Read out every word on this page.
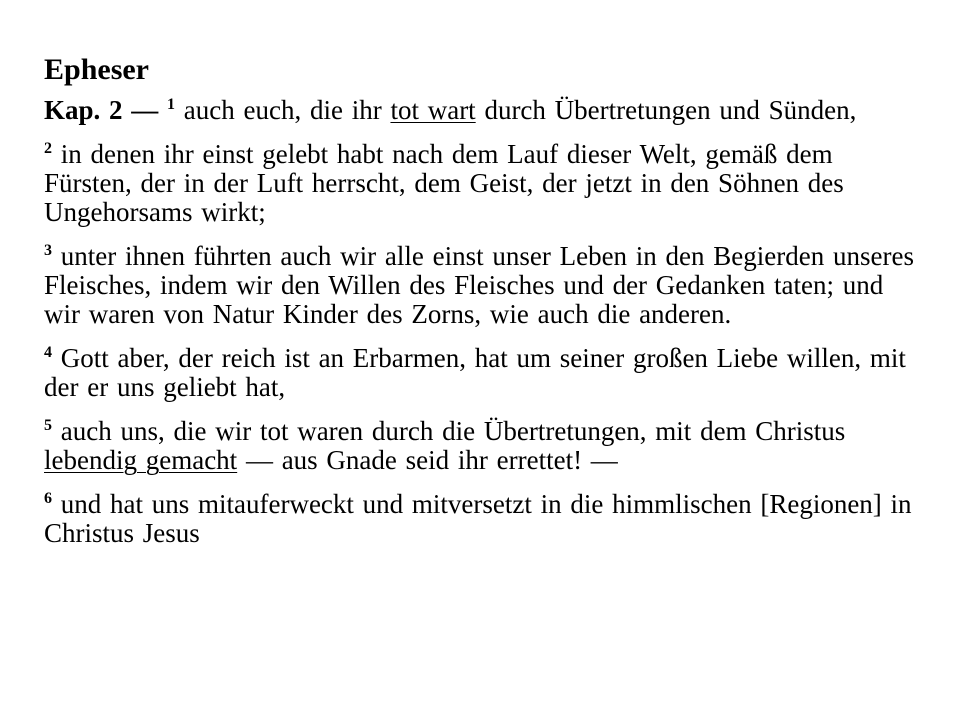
Epheser

Kap. 2 — $^1$ auch euch, die ihr tot wart durch Übertretungen und Sünden,

$^2$ in denen ihr einst gelebt habt nach dem Lauf dieser Welt, gemäß dem Fürsten, der in der Luft herrscht, dem Geist, der jetzt in den Söhnen des Ungehorsams wirkt;

$^3$ unter ihnen führten auch wir alle einst unser Leben in den Begierden unseres Fleisches, indem wir den Willen des Fleisches und der Gedanken taten; und wir waren von Natur Kinder des Zorns, wie auch die anderen.

$^4$ Gott aber, der reich ist an Erbarmen, hat um seiner großen Liebe willen, mit der er uns geliebt hat,

$^5$ auch uns, die wir tot waren durch die Übertretungen, mit dem Christus lebendig gemacht — aus Gnade seid ihr errettet! —

$^6$ und hat uns mitauferweckt und mitversetzt in die himmlischen [Regionen] in Christus Jesus
